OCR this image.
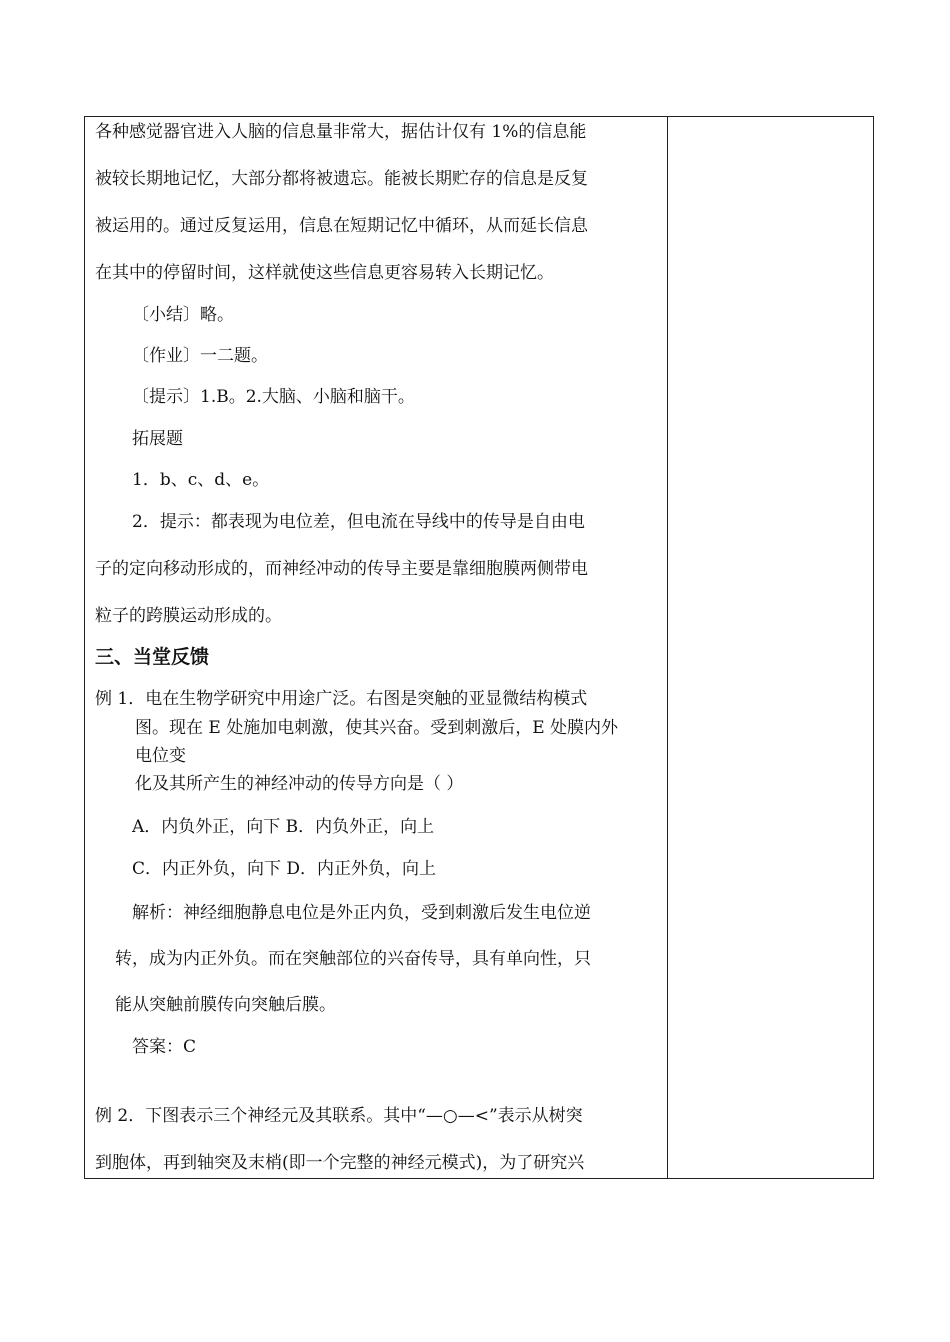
各种感觉器官进入人脑的信息量非常大，据估计仅有 1%的信息能
被较长期地记忆，大部分都将被遗忘。能被长期贮存的信息是反复
被运用的。通过反复运用，信息在短期记忆中循环，从而延长信息
在其中的停留时间，这样就使这些信息更容易转入长期记忆。
〔小结〕略。
〔作业〕一二题。
〔提示〕1.B。2.大脑、小脑和脑干。
拓展题
1．b、c、d、e。
2．提示：都表现为电位差，但电流在导线中的传导是自由电
子的定向移动形成的，而神经冲动的传导主要是靠细胞膜两侧带电
粒子的跨膜运动形成的。
三、当堂反馈
例 1．电在生物学研究中用途广泛。右图是突触的亚显微结构模式
图。现在 E 处施加电刺激，使其兴奋。受到刺激后，E 处膜内外
电位变
化及其所产生的神经冲动的传导方向是（ ）
A．内负外正，向下 B．内负外正，向上
C．内正外负，向下 D．内正外负，向上
解析：神经细胞静息电位是外正内负，受到刺激后发生电位逆
转，成为内正外负。而在突触部位的兴奋传导，具有单向性，只
能从突触前膜传向突触后膜。
答案：C
例 2．下图表示三个神经元及其联系。其中“—○—<”表示从树突
到胞体，再到轴突及末梢(即一个完整的神经元模式)，为了研究兴
